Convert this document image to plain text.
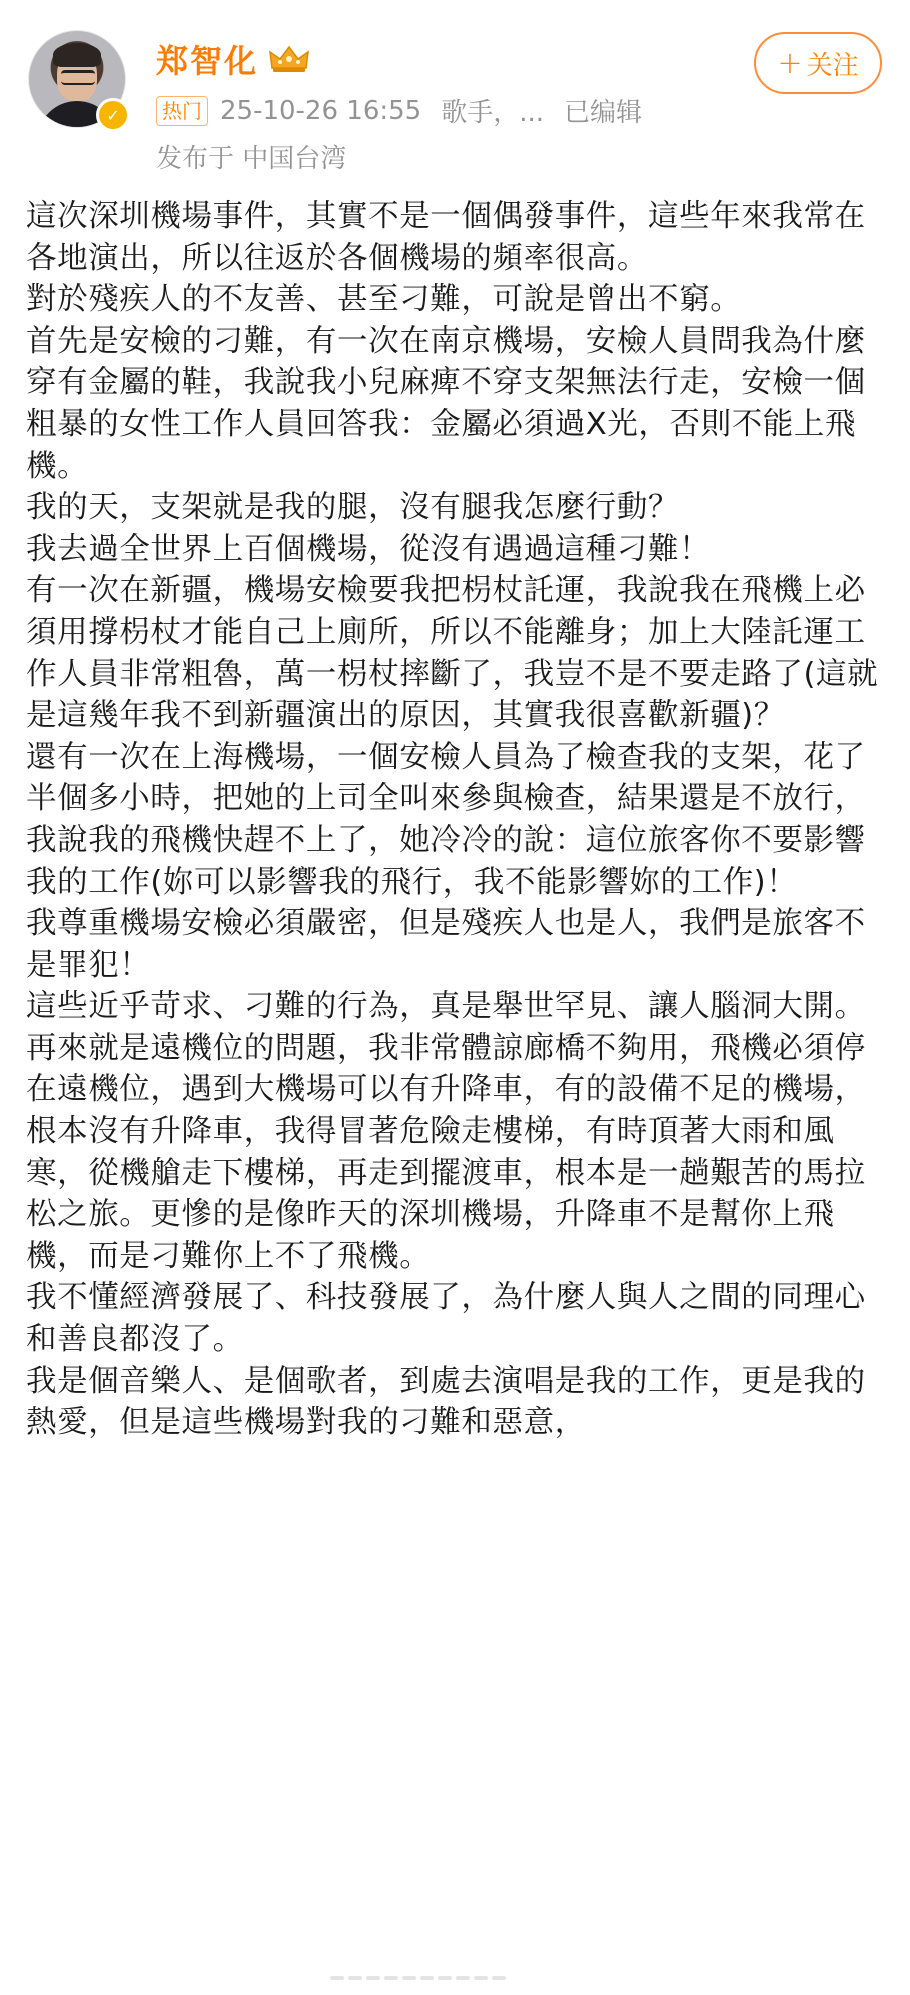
✓
郑智化
热门 25-10-26 16:55 歌手，... 已编辑
发布于 中国台湾
+ 关注

這次深圳機場事件，其實不是一個偶發事件，這些年來我常在各地演出，所以往返於各個機場的頻率很高。

對於殘疾人的不友善、甚至刁難，可說是曾出不窮。

首先是安檢的刁難，有一次在南京機場，安檢人員問我為什麼穿有金屬的鞋，我說我小兒麻痺不穿支架無法行走，安檢一個粗暴的女性工作人員回答我：金屬必須過X光，否則不能上飛機。

我的天，支架就是我的腿，沒有腿我怎麼行動？

我去過全世界上百個機場，從沒有遇過這種刁難！

有一次在新疆，機場安檢要我把枴杖託運，我說我在飛機上必須用撐枴杖才能自己上廁所，所以不能離身；加上大陸託運工作人員非常粗魯，萬一枴杖摔斷了，我豈不是不要走路了(這就是這幾年我不到新疆演出的原因，其實我很喜歡新疆)？

還有一次在上海機場，一個安檢人員為了檢查我的支架，花了半個多小時，把她的上司全叫來參與檢查，結果還是不放行，我說我的飛機快趕不上了，她冷冷的說：這位旅客你不要影響我的工作(妳可以影響我的飛行，我不能影響妳的工作)！

我尊重機場安檢必須嚴密，但是殘疾人也是人，我們是旅客不是罪犯！

這些近乎苛求、刁難的行為，真是舉世罕見、讓人腦洞大開。

再來就是遠機位的問題，我非常體諒廊橋不夠用，飛機必須停在遠機位，遇到大機場可以有升降車，有的設備不足的機場，根本沒有升降車，我得冒著危險走樓梯，有時頂著大雨和風寒，從機艙走下樓梯，再走到擺渡車，根本是一趟艱苦的馬拉松之旅。更慘的是像昨天的深圳機場，升降車不是幫你上飛機，而是刁難你上不了飛機。

我不懂經濟發展了、科技發展了，為什麼人與人之間的同理心和善良都沒了。

我是個音樂人、是個歌者，到處去演唱是我的工作，更是我的熱愛，但是這些機場對我的刁難和惡意，
